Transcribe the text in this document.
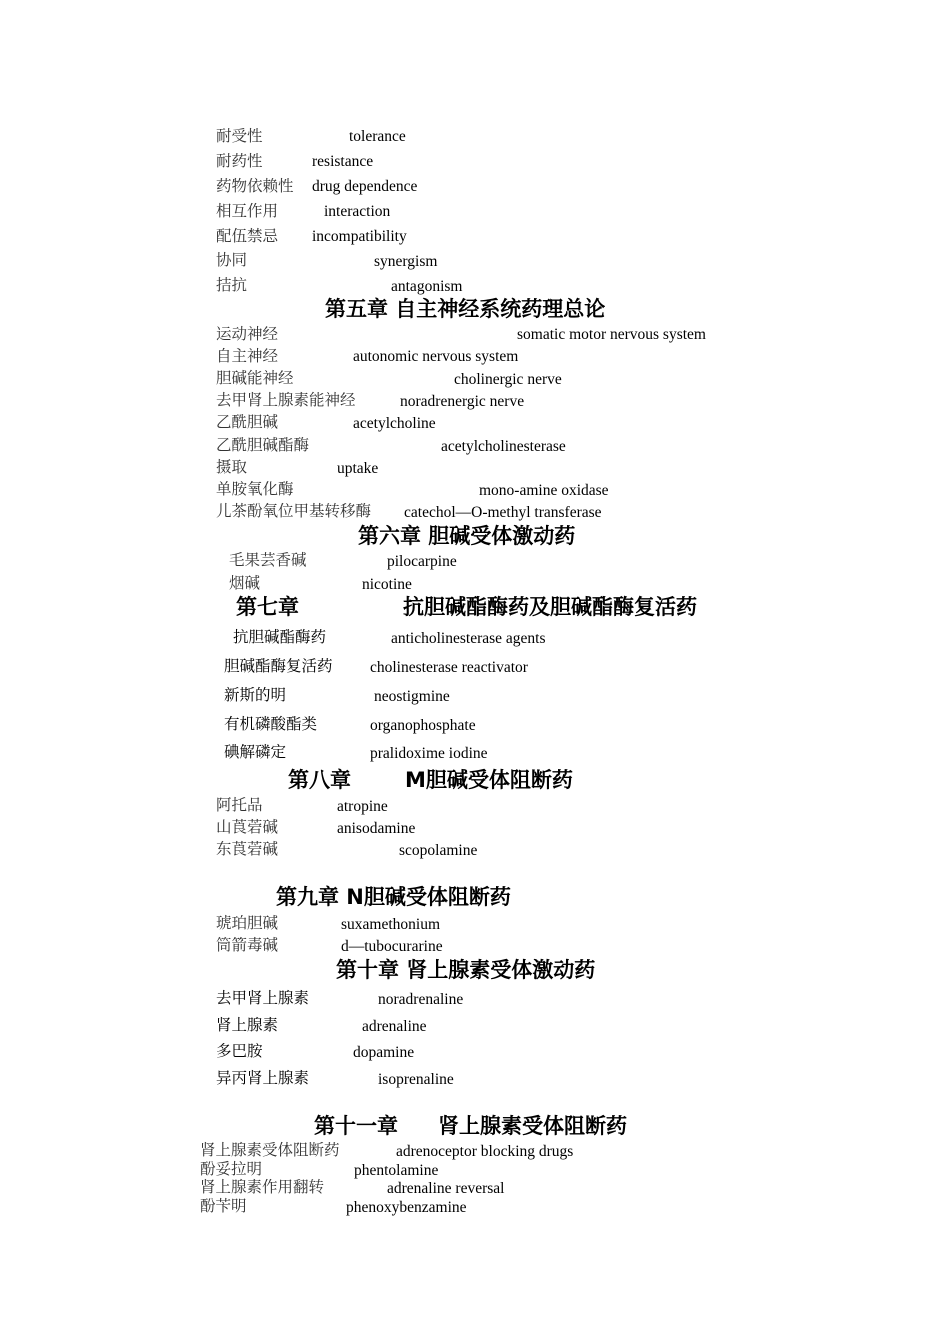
耐受性	tolerance
耐药性	resistance
药物依赖性 drug dependence
相互作用	interaction
配伍禁忌 incompatibility
协同	synergism
拮抗	antagonism
第五章 自主神经系统药理总论
运动神经	somatic motor nervous system
自主神经	autonomic nervous system
胆碱能神经	cholinergic nerve
去甲肾上腺素能神经	noradrenergic nerve
乙酰胆碱	acetylcholine
乙酰胆碱酯酶	acetylcholinesterase
摄取	uptake
单胺氧化酶	mono-amine oxidase
儿茶酚氧位甲基转移酶 catechol—O-methyl transferase
第六章 胆碱受体激动药
毛果芸香碱	pilocarpine
烟碱	nicotine
第七章	抗胆碱酯酶药及胆碱酯酶复活药
抗胆碱酯酶药	anticholinesterase agents
胆碱酯酶复活药 cholinesterase reactivator
新斯的明	neostigmine
有机磷酸酯类	organophosphate
碘解磷定	pralidoxime iodine
第八章	M胆碱受体阻断药
阿托品	atropine
山莨菪碱	anisodamine
东莨菪碱	scopolamine
第九章 N胆碱受体阻断药
琥珀胆碱	suxamethonium
筒箭毒碱	d—tubocurarine
第十章 肾上腺素受体激动药
去甲肾上腺素	noradrenaline
肾上腺素	adrenaline
多巴胺	dopamine
异丙肾上腺素	isoprenaline
第十一章 肾上腺素受体阻断药
肾上腺素受体阻断药	adrenoceptor blocking drugs
酚妥拉明	phentolamine
肾上腺素作用翻转	adrenaline reversal
酚苄明	phenoxybenzamine
